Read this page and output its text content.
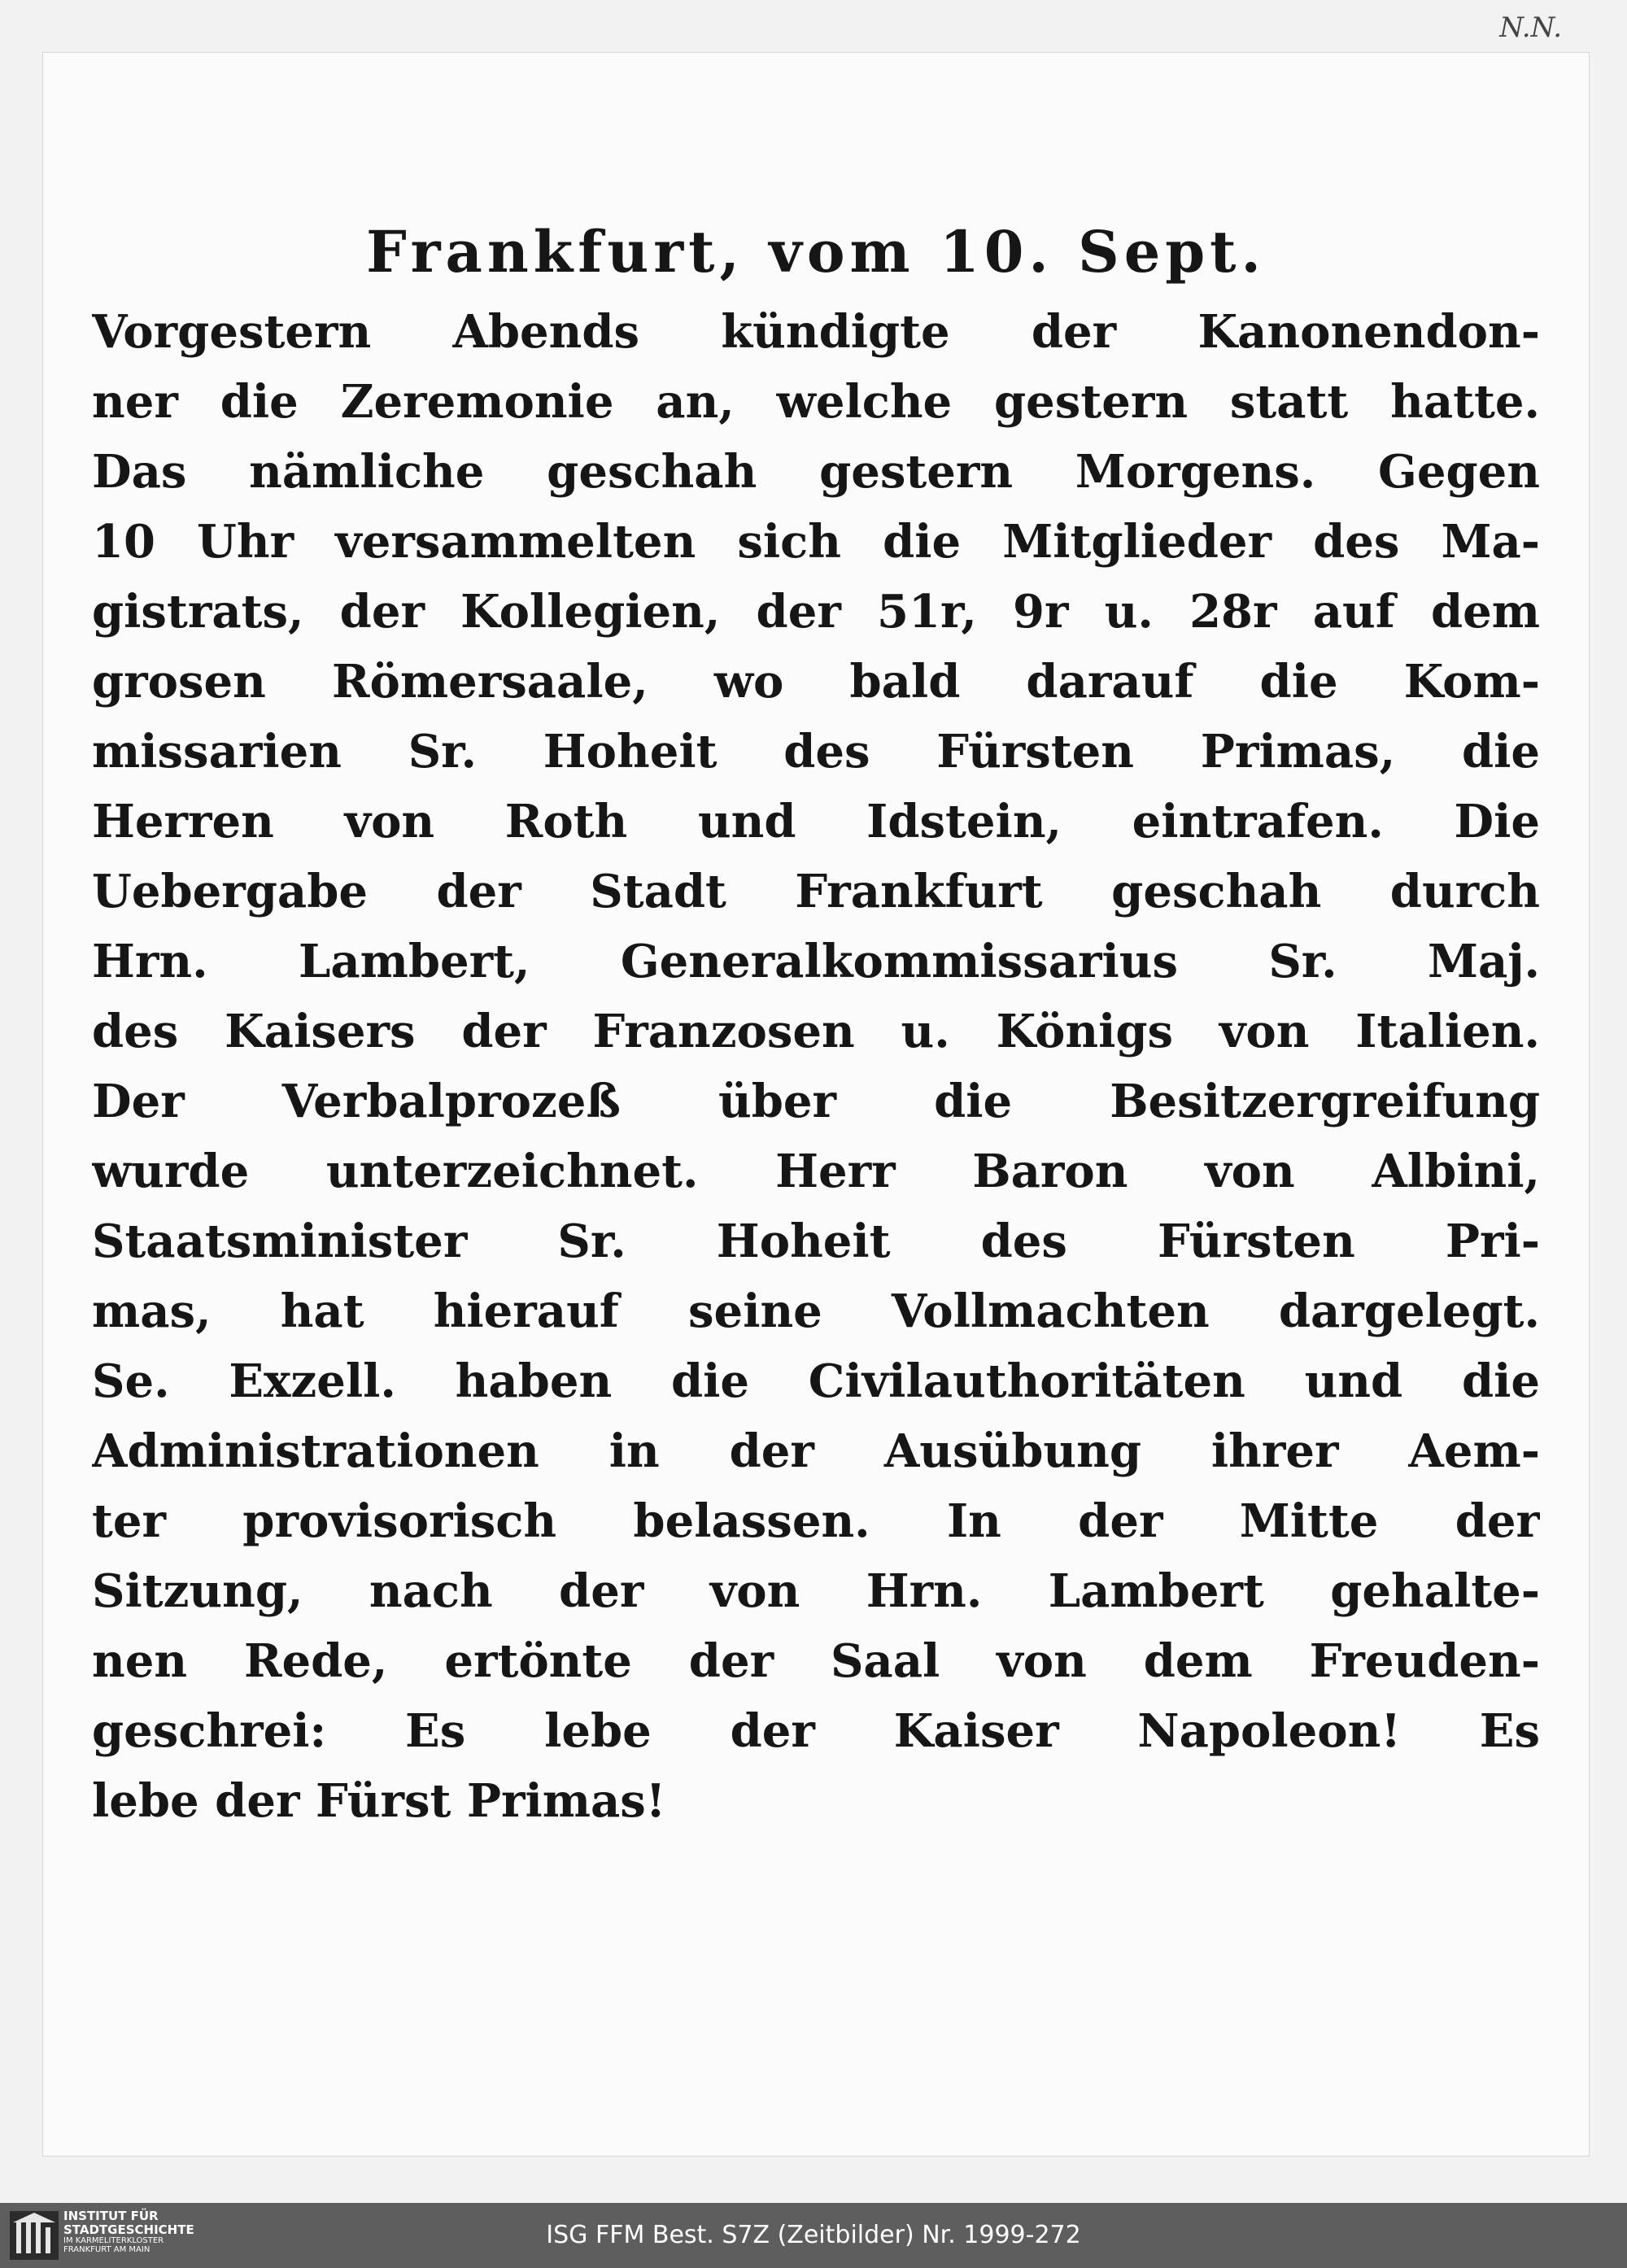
N.N.
Frankfurt, vom 10. Sept.
Vorgestern Abends kündigte der Kanonendon-
ner die Zeremonie an, welche gestern statt hatte.
Das nämliche geschah gestern Morgens. Gegen
10 Uhr versammelten sich die Mitglieder des Ma-
gistrats, der Kollegien, der 51r, 9r u. 28r auf dem
grosen Römersaale, wo bald darauf die Kom-
missarien Sr. Hoheit des Fürsten Primas, die
Herren von Roth und Idstein, eintrafen. Die
Uebergabe der Stadt Frankfurt geschah durch
Hrn. Lambert, Generalkommissarius Sr. Maj.
des Kaisers der Franzosen u. Königs von Italien.
Der Verbalprozeß über die Besitzergreifung
wurde unterzeichnet. Herr Baron von Albini,
Staatsminister Sr. Hoheit des Fürsten Pri-
mas, hat hierauf seine Vollmachten dargelegt.
Se. Exzell. haben die Civilauthoritäten und die
Administrationen in der Ausübung ihrer Aem-
ter provisorisch belassen. In der Mitte der
Sitzung, nach der von Hrn. Lambert gehalte-
nen Rede, ertönte der Saal von dem Freuden-
geschrei: Es lebe der Kaiser Napoleon! Es
lebe der Fürst Primas!
INSTITUT FÜR
STADTGESCHICHTE
IM KARMELITERKLOSTER
FRANKFURT AM MAIN
ISG FFM Best. S7Z (Zeitbilder) Nr. 1999-272
